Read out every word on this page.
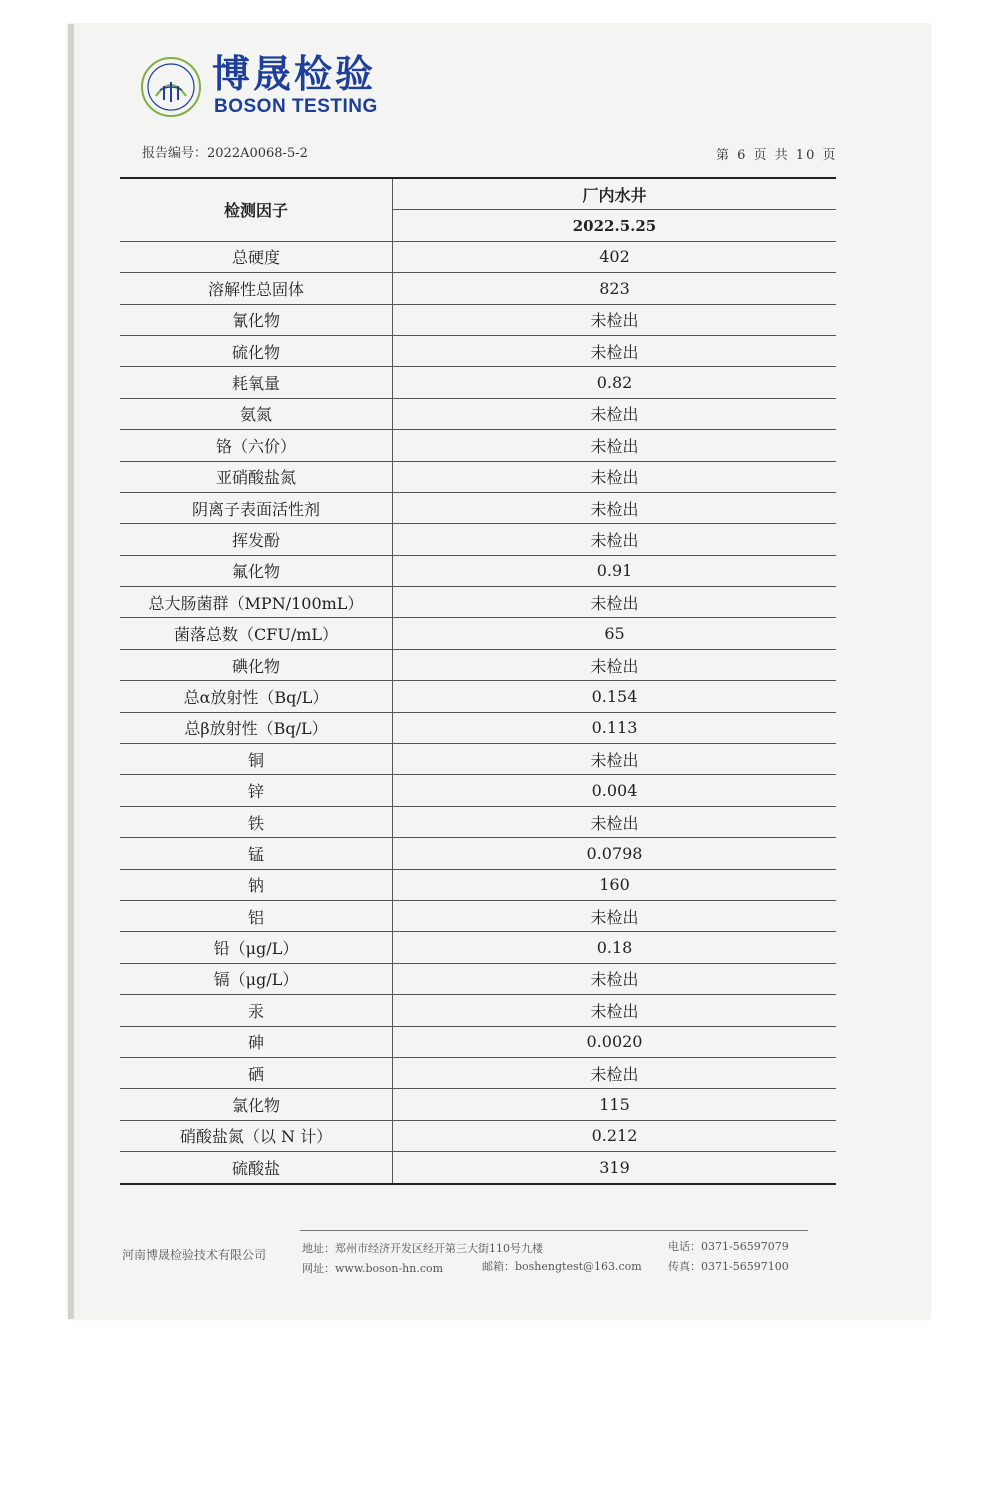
博晟检验
BOSON TESTING
报告编号：2022A0068-5-2	第 6 页 共 10 页
检测因子	厂内水井
	2022.5.25
总硬度	402
溶解性总固体	823
氰化物	未检出
硫化物	未检出
耗氧量	0.82
氨氮	未检出
铬（六价）	未检出
亚硝酸盐氮	未检出
阴离子表面活性剂	未检出
挥发酚	未检出
氟化物	0.91
总大肠菌群（MPN/100mL）	未检出
菌落总数（CFU/mL）	65
碘化物	未检出
总α放射性（Bq/L）	0.154
总β放射性（Bq/L）	0.113
铜	未检出
锌	0.004
铁	未检出
锰	0.0798
钠	160
铝	未检出
铅（μg/L）	0.18
镉（μg/L）	未检出
汞	未检出
砷	0.0020
硒	未检出
氯化物	115
硝酸盐氮（以 N 计）	0.212
硫酸盐	319
河南博晟检验技术有限公司	地址：郑州市经济开发区经开第三大街110号九楼
网址：www.boson-hn.com	邮箱：boshengtest@163.com
电话：0371-56597079
传真：0371-56597100
